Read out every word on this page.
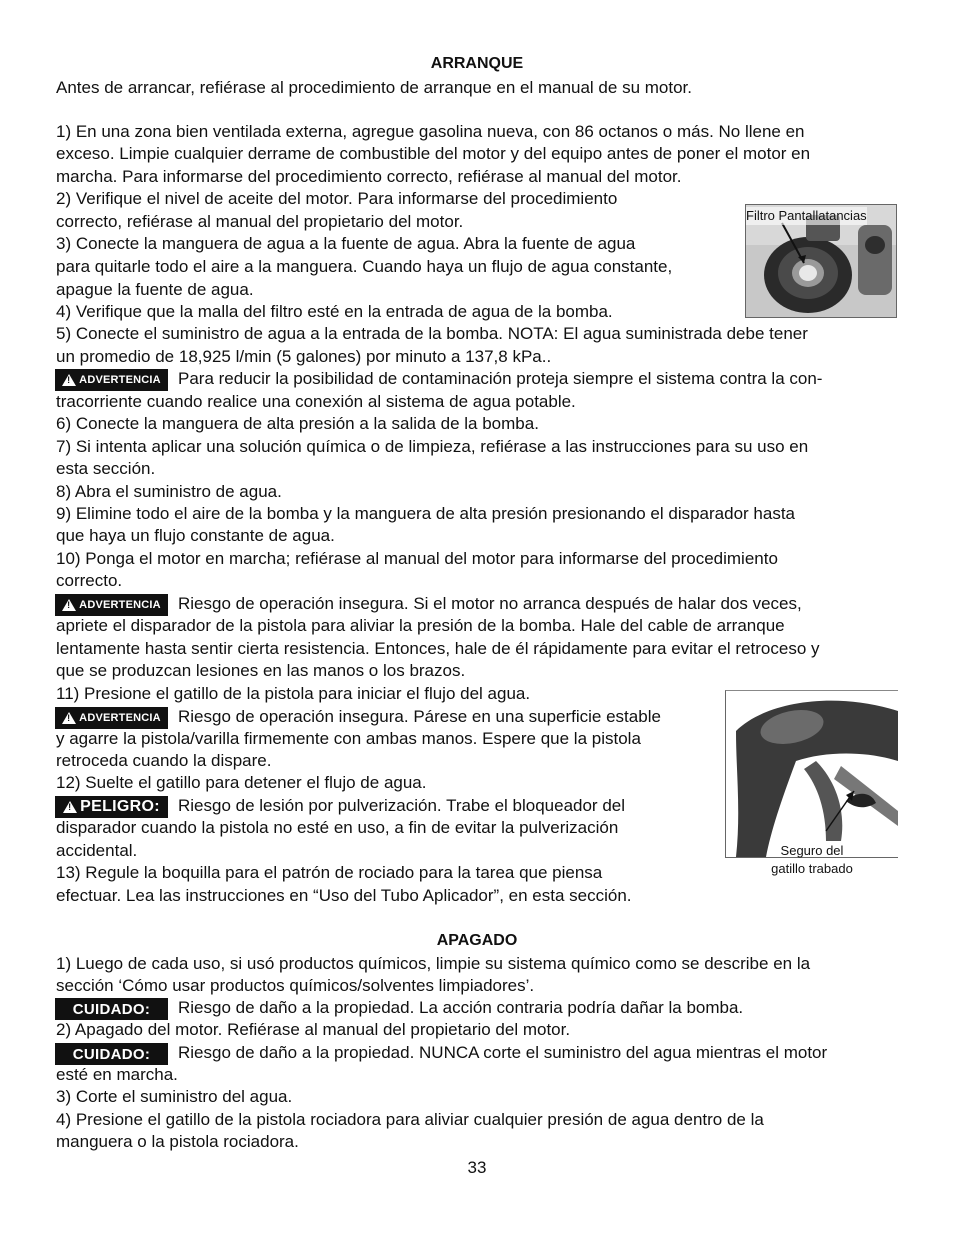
ARRANQUE
Antes de arrancar, refiérase al procedimiento de arranque en el manual de su motor.
1) En una zona bien ventilada externa, agregue gasolina nueva, con 86 octanos o más. No llene en
exceso. Limpie cualquier derrame de combustible del motor y del equipo antes de poner el motor en
marcha. Para informarse del procedimiento correcto, refiérase al manual del motor.
2) Verifique el nivel de aceite del motor. Para informarse del procedimiento
correcto, refiérase al manual del propietario del motor.
3) Conecte la manguera de agua a la fuente de agua. Abra la fuente de agua
para quitarle todo el aire a la manguera. Cuando haya un flujo de agua constante,
apague la fuente de agua.
4) Verifique que la malla del filtro esté en la entrada de agua de la bomba.
5) Conecte el suministro de agua a la entrada de la bomba. NOTA: El agua suministrada debe tener
un promedio de 18,925 l/min (5 galones) por minuto a 137,8 kPa..
!
ADVERTENCIA Para reducir la posibilidad de contaminación proteja siempre el sistema contra la con-
tracorriente cuando realice una conexión al sistema de agua potable.
6) Conecte la manguera de alta presión a la salida de la bomba.
7) Si intenta aplicar una solución química o de limpieza, refiérase a las instrucciones para su uso en
esta sección.
8) Abra el suministro de agua.
9) Elimine todo el aire de la bomba y la manguera de alta presión presionando el disparador hasta
que haya un flujo constante de agua.
10) Ponga el motor en marcha; refiérase al manual del motor para informarse del procedimiento
correcto.
!
ADVERTENCIA Riesgo de operación insegura. Si el motor no arranca después de halar dos veces,
apriete el disparador de la pistola para aliviar la presión de la bomba. Hale del cable de arranque
lentamente hasta sentir cierta resistencia. Entonces, hale de él rápidamente para evitar el retroceso y
que se produzcan lesiones en las manos o los brazos.
11) Presione el gatillo de la pistola para iniciar el flujo del agua.
!
ADVERTENCIA Riesgo de operación insegura. Párese en una superficie estable
y agarre la pistola/varilla firmemente con ambas manos. Espere que la pistola
retroceda cuando la dispare.
12) Suelte el gatillo para detener el flujo de agua.
!
PELIGRO: Riesgo de lesión por pulverización. Trabe el bloqueador del
disparador cuando la pistola no esté en uso, a fin de evitar la pulverización
accidental.
13) Regule la boquilla para el patrón de rociado para la tarea que piensa
efectuar. Lea las instrucciones en “Uso del Tubo Aplicador”, en esta sección.
Filtro Pantallatancias
Seguro del
gatillo trabado
APAGADO
1) Luego de cada uso, si usó productos químicos, limpie su sistema químico como se describe en la
sección ‘Cómo usar productos químicos/solventes limpiadores’.
CUIDADO:	Riesgo de daño a la propiedad. La acción contraria podría dañar la bomba.
2) Apagado del motor. Refiérase al manual del propietario del motor.
CUIDADO:	Riesgo de daño a la propiedad. NUNCA corte el suministro del agua mientras el motor
esté en marcha.
3) Corte el suministro del agua.
4) Presione el gatillo de la pistola rociadora para aliviar cualquier presión de agua dentro de la
manguera o la pistola rociadora.
33
